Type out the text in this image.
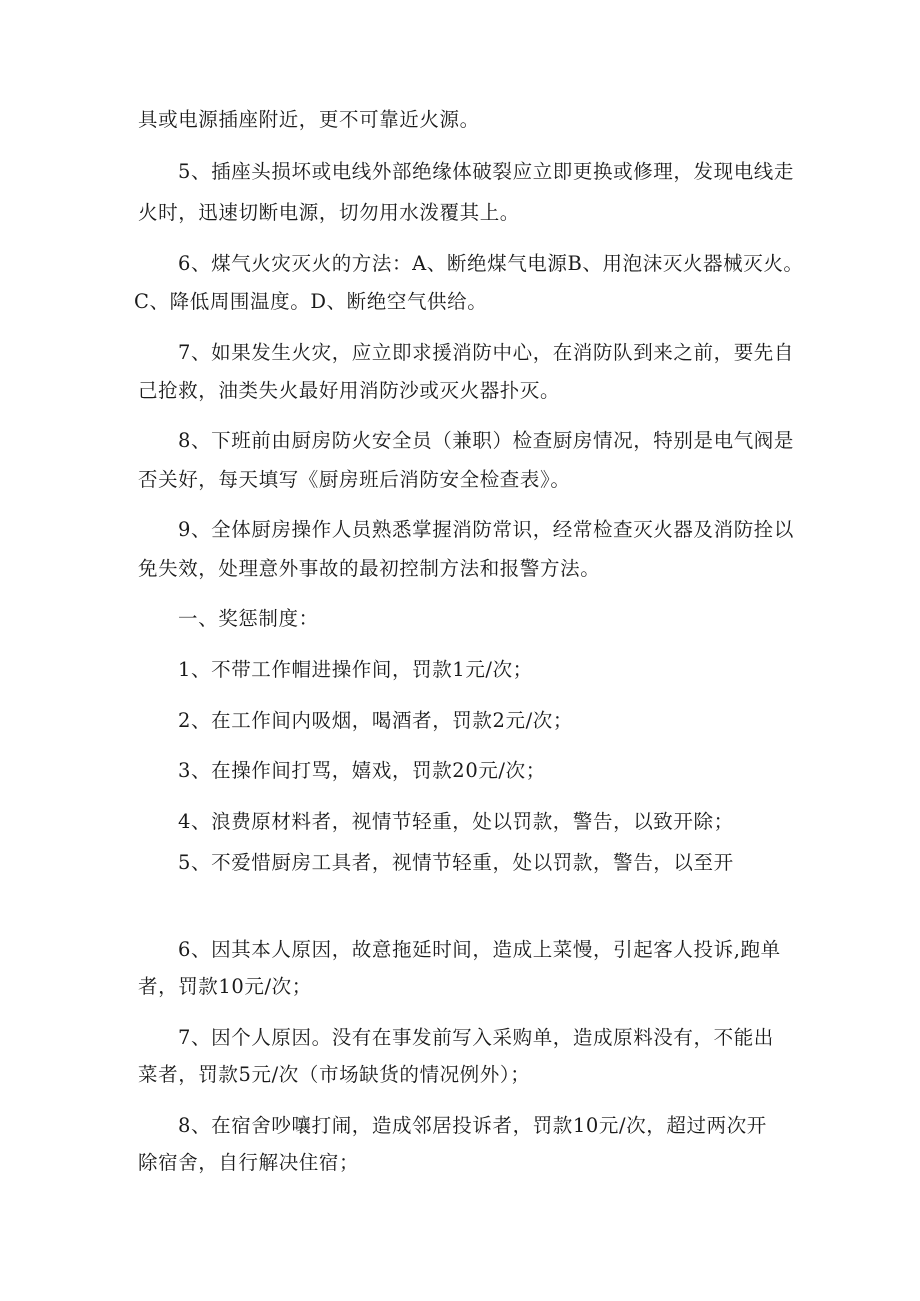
具或电源插座附近，更不可靠近火源。
5、插座头损坏或电线外部绝缘体破裂应立即更换或修理，发现电线走
火时，迅速切断电源，切勿用水泼覆其上。
6、煤气火灾灭火的方法：A、断绝煤气电源B、用泡沫灭火器械灭火。
C、降低周围温度。D、断绝空气供给。
7、如果发生火灾，应立即求援消防中心，在消防队到来之前，要先自
己抢救，油类失火最好用消防沙或灭火器扑灭。
8、下班前由厨房防火安全员（兼职）检查厨房情况，特别是电气阀是
否关好，每天填写《厨房班后消防安全检查表》。
9、全体厨房操作人员熟悉掌握消防常识，经常检查灭火器及消防拴以
免失效，处理意外事故的最初控制方法和报警方法。
一、奖惩制度：
1、不带工作帽进操作间，罚款1元/次；
2、在工作间内吸烟，喝酒者，罚款2元/次；
3、在操作间打骂，嬉戏，罚款20元/次；
4、浪费原材料者，视情节轻重，处以罚款，警告，以致开除；
5、不爱惜厨房工具者，视情节轻重，处以罚款，警告，以至开
6、因其本人原因，故意拖延时间，造成上菜慢，引起客人投诉,跑单
者，罚款10元/次；
7、因个人原因。没有在事发前写入采购单，造成原料没有，不能出
菜者，罚款5元/次（市场缺货的情况例外）；
8、在宿舍吵嚷打闹，造成邻居投诉者，罚款10元/次，超过两次开
除宿舍，自行解决住宿；
